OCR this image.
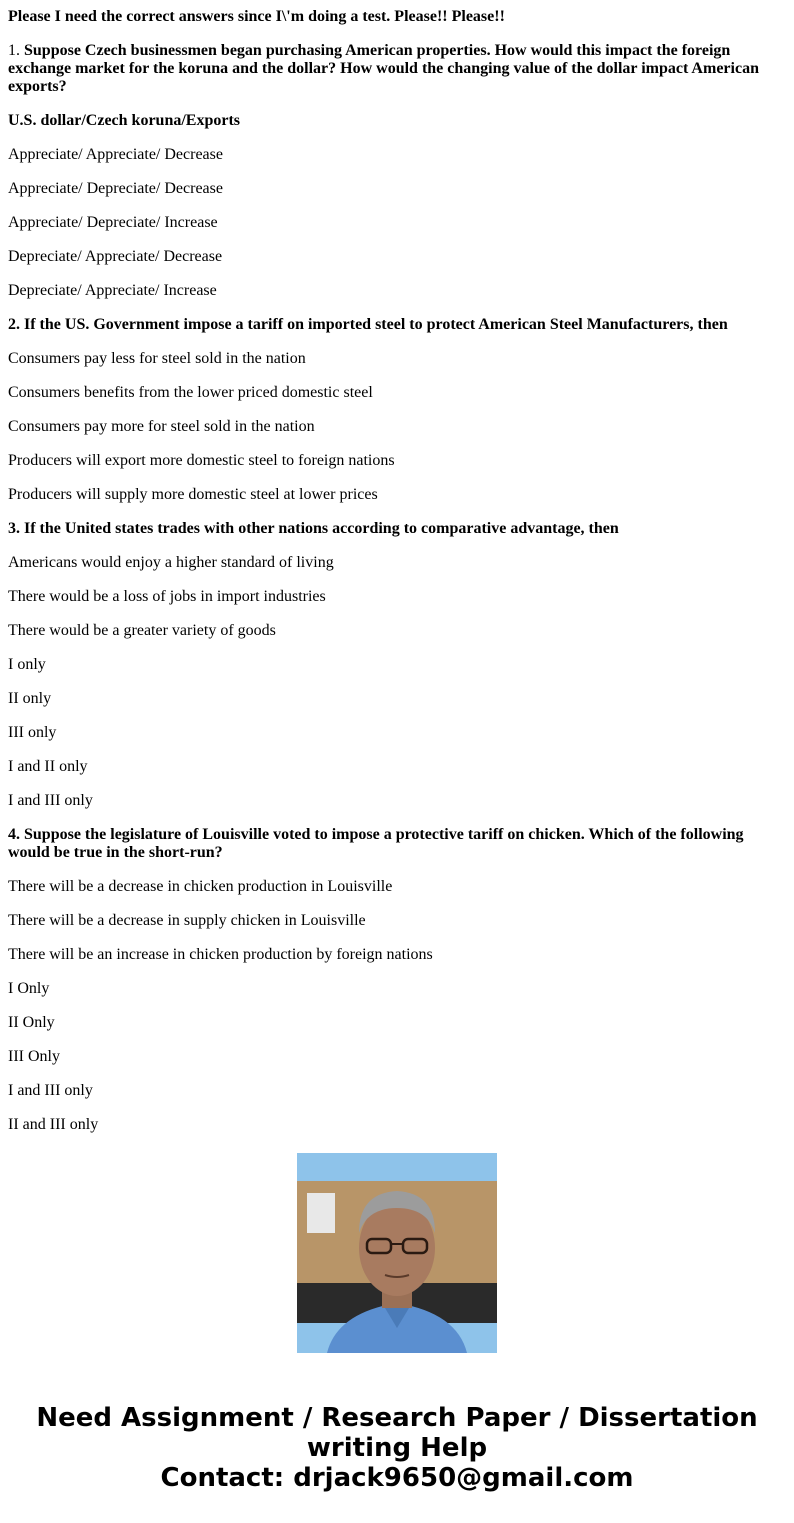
Please I need the correct answers since I\'m doing a test. Please!! Please!!

1. Suppose Czech businessmen began purchasing American properties. How would this impact the foreign exchange market for the koruna and the dollar? How would the changing value of the dollar impact American exports?

U.S. dollar/Czech koruna/Exports

Appreciate/ Appreciate/ Decrease

Appreciate/ Depreciate/ Decrease

Appreciate/ Depreciate/ Increase

Depreciate/ Appreciate/ Decrease

Depreciate/ Appreciate/ Increase

2. If the US. Government impose a tariff on imported steel to protect American Steel Manufacturers, then

Consumers pay less for steel sold in the nation

Consumers benefits from the lower priced domestic steel

Consumers pay more for steel sold in the nation

Producers will export more domestic steel to foreign nations

Producers will supply more domestic steel at lower prices

3. If the United states trades with other nations according to comparative advantage, then

Americans would enjoy a higher standard of living

There would be a loss of jobs in import industries

There would be a greater variety of goods

I only

II only

III only

I and II only

I and III only

4. Suppose the legislature of Louisville voted to impose a protective tariff on chicken. Which of the following would be true in the short-run?

There will be a decrease in chicken production in Louisville

There will be a decrease in supply chicken in Louisville

There will be an increase in chicken production by foreign nations

I Only

II Only

III Only

I and III only

II and III only

Need Assignment / Research Paper / Dissertation
writing Help
Contact: drjack9650@gmail.com
